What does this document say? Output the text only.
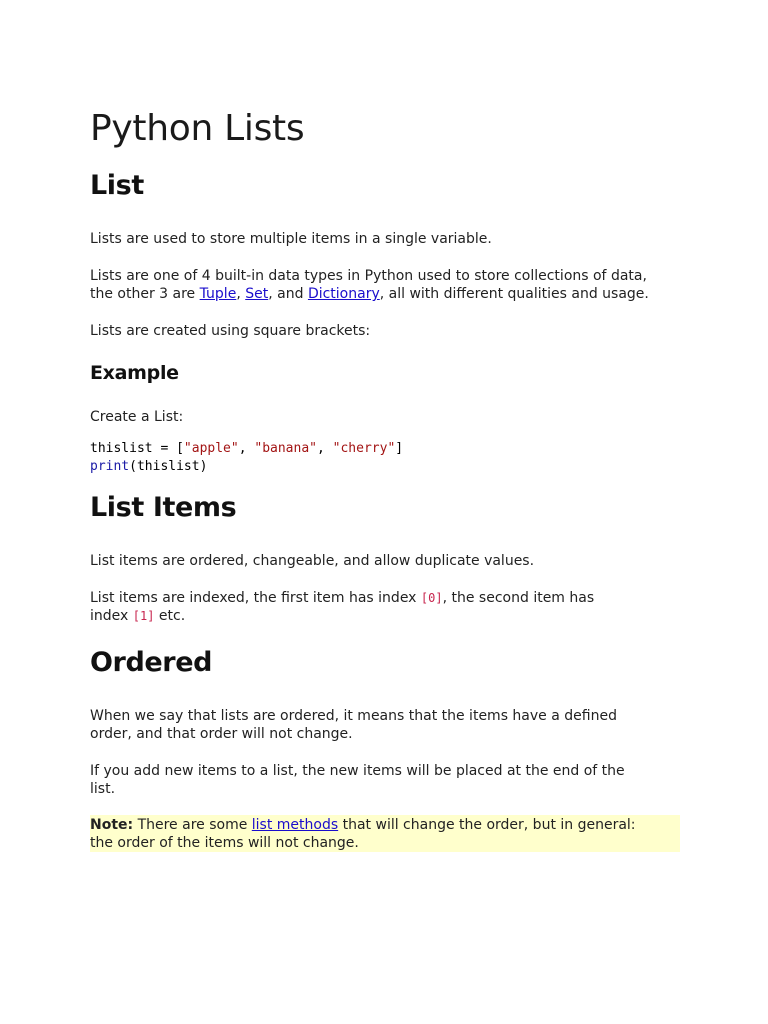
Python Lists
List
Lists are used to store multiple items in a single variable.
Lists are one of 4 built-in data types in Python used to store collections of data,
the other 3 are Tuple, Set, and Dictionary, all with different qualities and usage.
Lists are created using square brackets:
Example
Create a List:
thislist = ["apple", "banana", "cherry"]
print(thislist)
List Items
List items are ordered, changeable, and allow duplicate values.
List items are indexed, the first item has index [0], the second item has
index [1] etc.
Ordered
When we say that lists are ordered, it means that the items have a defined
order, and that order will not change.
If you add new items to a list, the new items will be placed at the end of the
list.
Note: There are some list methods that will change the order, but in general:
the order of the items will not change.
